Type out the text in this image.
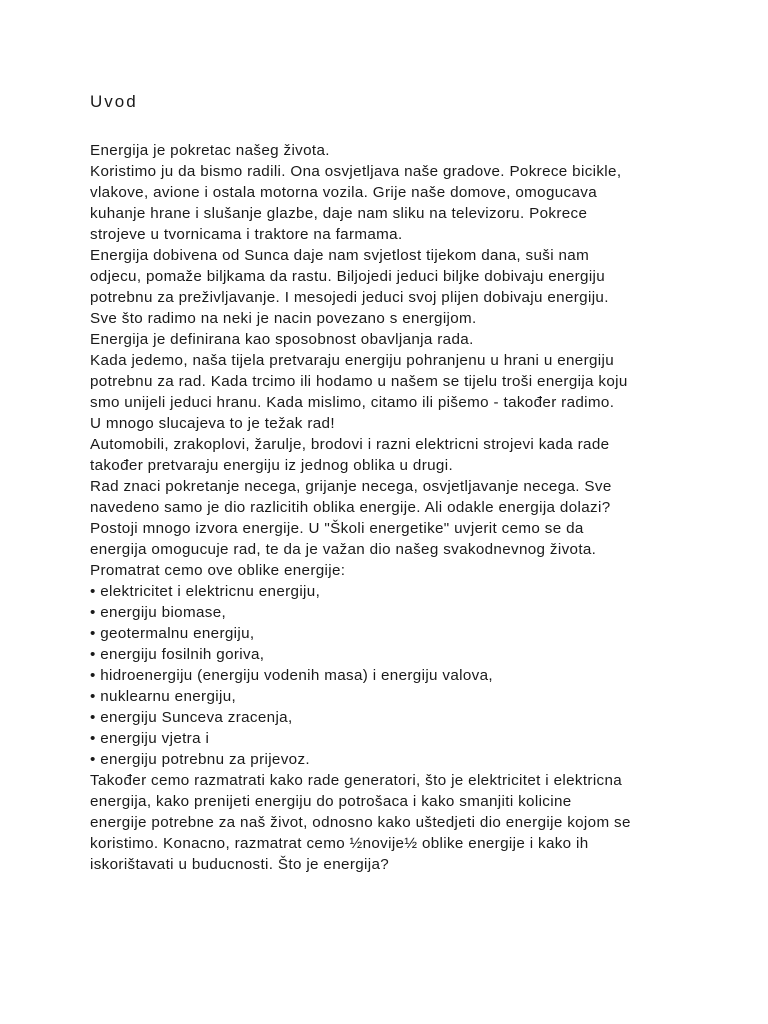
Uvod
Energija je pokretac našeg života.
Koristimo ju da bismo radili. Ona osvjetljava naše gradove. Pokrece bicikle,
vlakove, avione i ostala motorna vozila. Grije naše domove, omogucava
kuhanje hrane i slušanje glazbe, daje nam sliku na televizoru. Pokrece
strojeve u tvornicama i traktore na farmama.
Energija dobivena od Sunca daje nam svjetlost tijekom dana, suši nam
odjecu, pomaže biljkama da rastu. Biljojedi jeduci biljke dobivaju energiju
potrebnu za preživljavanje. I mesojedi jeduci svoj plijen dobivaju energiju.
Sve što radimo na neki je nacin povezano s energijom.
Energija je definirana kao sposobnost obavljanja rada.
Kada jedemo, naša tijela pretvaraju energiju pohranjenu u hrani u energiju
potrebnu za rad. Kada trcimo ili hodamo u našem se tijelu troši energija koju
smo unijeli jeduci hranu. Kada mislimo, citamo ili pišemo - također radimo.
U mnogo slucajeva to je težak rad!
Automobili, zrakoplovi, žarulje, brodovi i razni elektricni strojevi kada rade
također pretvaraju energiju iz jednog oblika u drugi.
Rad znaci pokretanje necega, grijanje necega, osvjetljavanje necega. Sve
navedeno samo je dio razlicitih oblika energije. Ali odakle energija dolazi?
Postoji mnogo izvora energije. U "Školi energetike" uvjerit cemo se da
energija omogucuje rad, te da je važan dio našeg svakodnevnog života.
Promatrat cemo ove oblike energije:
• elektricitet i elektricnu energiju,
• energiju biomase,
• geotermalnu energiju,
• energiju fosilnih goriva,
• hidroenergiju (energiju vodenih masa) i energiju valova,
• nuklearnu energiju,
• energiju Sunceva zracenja,
• energiju vjetra i
• energiju potrebnu za prijevoz.
Također cemo razmatrati kako rade generatori, što je elektricitet i elektricna
energija, kako prenijeti energiju do potrošaca i kako smanjiti kolicine
energije potrebne za naš život, odnosno kako uštedjeti dio energije kojom se
koristimo. Konacno, razmatrat cemo ½novije½ oblike energije i kako ih
iskorištavati u buducnosti. Što je energija?
